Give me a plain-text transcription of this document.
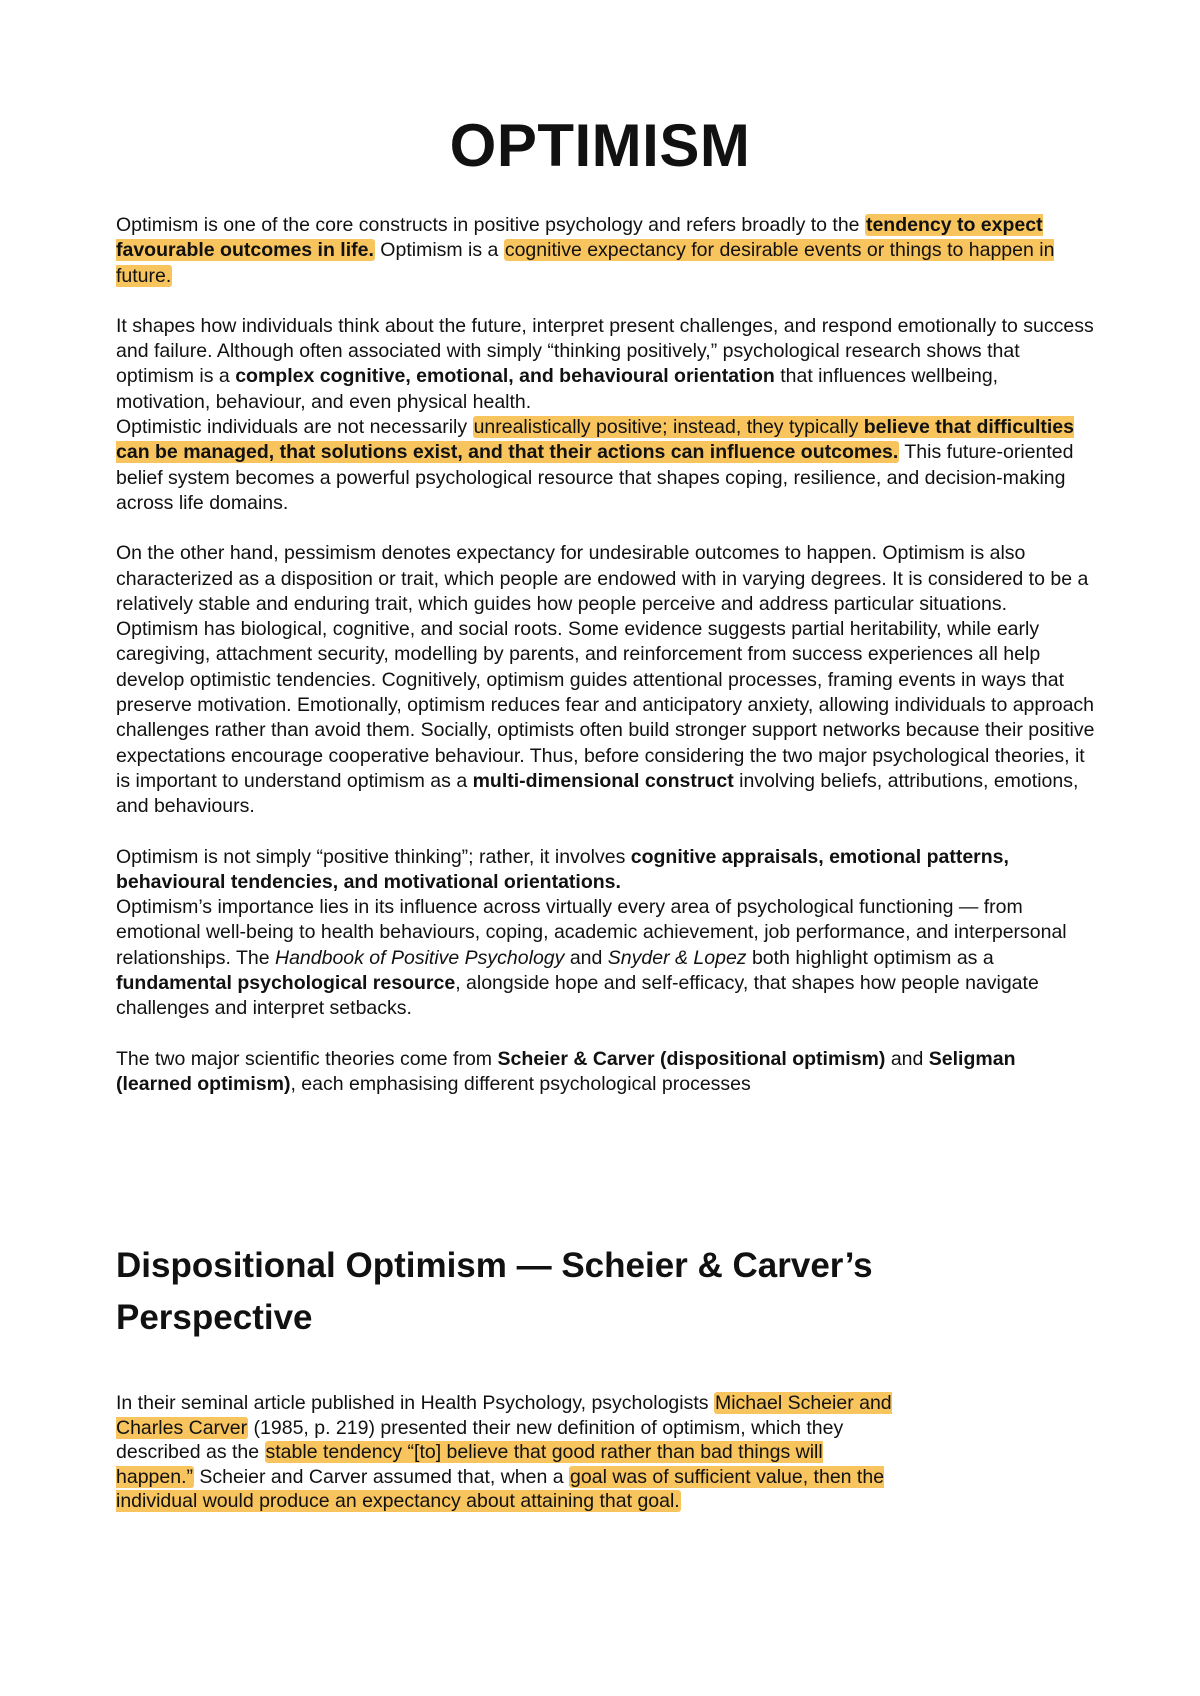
OPTIMISM

Optimism is one of the core constructs in positive psychology and refers broadly to the tendency to expect favourable outcomes in life. Optimism is a cognitive expectancy for desirable events or things to happen in future.

It shapes how individuals think about the future, interpret present challenges, and respond emotionally to success and failure. Although often associated with simply “thinking positively,” psychological research shows that optimism is a complex cognitive, emotional, and behavioural orientation that influences wellbeing, motivation, behaviour, and even physical health.

Optimistic individuals are not necessarily unrealistically positive; instead, they typically believe that difficulties can be managed, that solutions exist, and that their actions can influence outcomes. This future-oriented belief system becomes a powerful psychological resource that shapes coping, resilience, and decision-making across life domains.

On the other hand, pessimism denotes expectancy for undesirable outcomes to happen. Optimism is also characterized as a disposition or trait, which people are endowed with in varying degrees. It is considered to be a relatively stable and enduring trait, which guides how people perceive and address particular situations.

Optimism has biological, cognitive, and social roots. Some evidence suggests partial heritability, while early caregiving, attachment security, modelling by parents, and reinforcement from success experiences all help develop optimistic tendencies. Cognitively, optimism guides attentional processes, framing events in ways that preserve motivation. Emotionally, optimism reduces fear and anticipatory anxiety, allowing individuals to approach challenges rather than avoid them. Socially, optimists often build stronger support networks because their positive expectations encourage cooperative behaviour. Thus, before considering the two major psychological theories, it is important to understand optimism as a multi-dimensional construct involving beliefs, attributions, emotions, and behaviours.

Optimism is not simply “positive thinking”; rather, it involves cognitive appraisals, emotional patterns, behavioural tendencies, and motivational orientations.

Optimism’s importance lies in its influence across virtually every area of psychological functioning — from emotional well-being to health behaviours, coping, academic achievement, job performance, and interpersonal relationships. The Handbook of Positive Psychology and Snyder & Lopez both highlight optimism as a fundamental psychological resource, alongside hope and self-efficacy, that shapes how people navigate challenges and interpret setbacks.

The two major scientific theories come from Scheier & Carver (dispositional optimism) and Seligman (learned optimism), each emphasising different psychological processes

Dispositional Optimism — Scheier & Carver’s Perspective

In their seminal article published in Health Psychology, psychologists Michael Scheier and Charles Carver (1985, p. 219) presented their new definition of optimism, which they described as the stable tendency “[to] believe that good rather than bad things will happen.” Scheier and Carver assumed that, when a goal was of sufficient value, then the individual would produce an expectancy about attaining that goal.
